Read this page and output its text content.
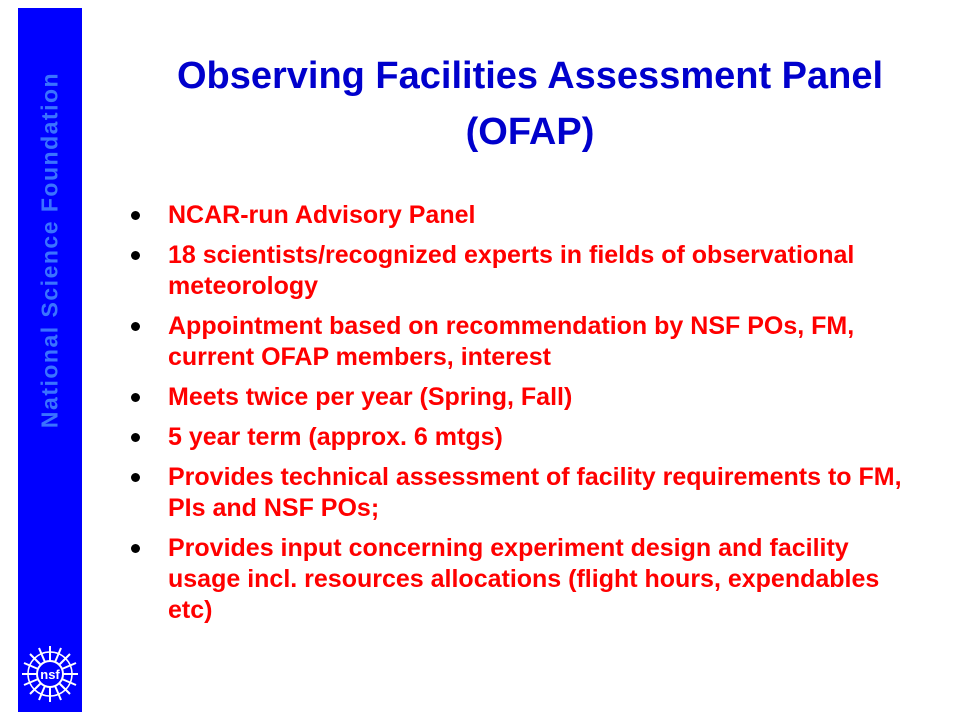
National Science Foundation
nsf
Observing Facilities Assessment Panel
(OFAP)
NCAR-run Advisory Panel
18 scientists/recognized experts in fields of observational meteorology
Appointment based on recommendation by NSF POs, FM, current OFAP members, interest
Meets twice per year (Spring, Fall)
5 year term (approx. 6 mtgs)
Provides technical assessment of facility requirements to FM, PIs and NSF POs;
Provides input concerning experiment design and facility usage incl. resources allocations (flight hours, expendables etc)
